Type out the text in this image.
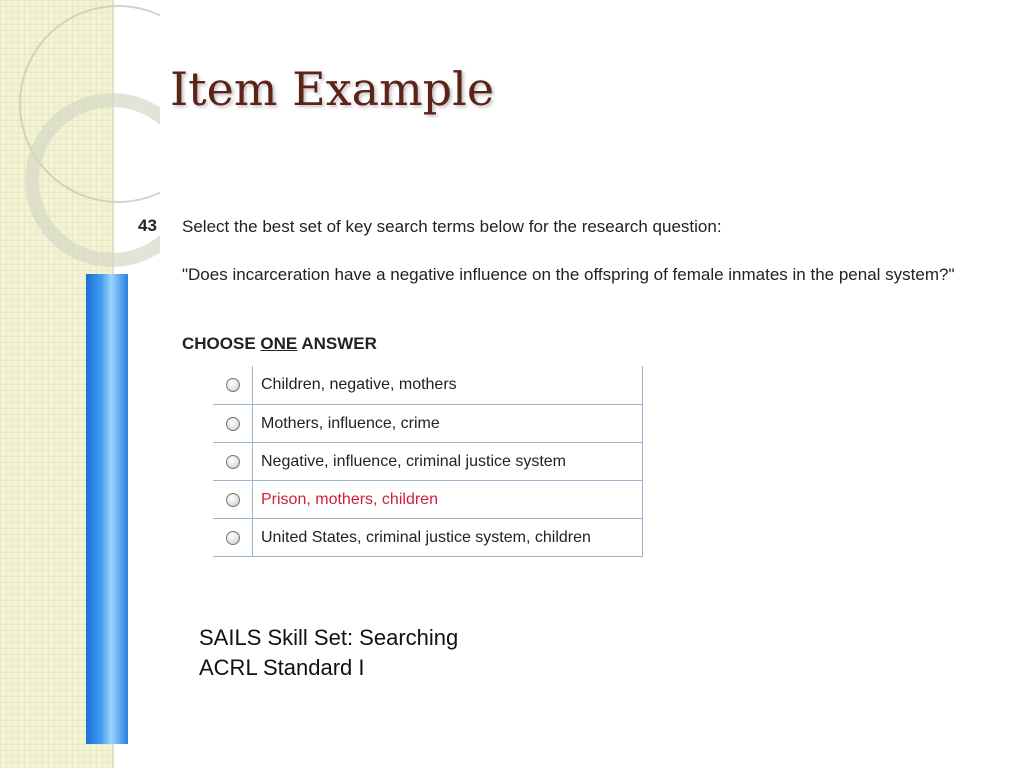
Item Example
43 Select the best set of key search terms below for the research question:
"Does incarceration have a negative influence on the offspring of female inmates in the penal system?"
CHOOSE ONE ANSWER
Children, negative, mothers
Mothers, influence, crime
Negative, influence, criminal justice system
Prison, mothers, children
United States, criminal justice system, children
SAILS Skill Set: Searching
ACRL Standard I
